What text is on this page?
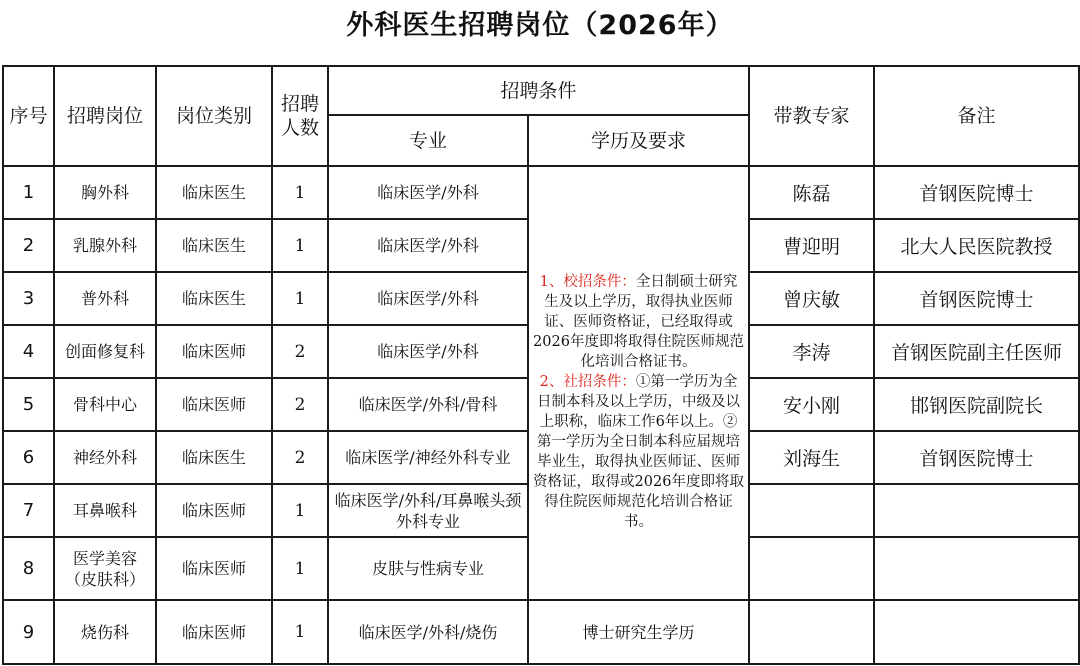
外科医生招聘岗位（2026年）
序号	招聘岗位	岗位类别	招聘人数	招聘条件		带教专家	备注
				专业	学历及要求		
1	胸外科	临床医生	1	临床医学/外科	1、校招条件：全日制硕士研究生及以上学历，取得执业医师证、医师资格证，已经取得或2026年度即将取得住院医师规范化培训合格证书。
2、社招条件：①第一学历为全日制本科及以上学历，中级及以上职称，临床工作6年以上。②第一学历为全日制本科应届规培毕业生，取得执业医师证、医师资格证，取得或2026年度即将取得住院医师规范化培训合格证书。	陈磊	首钢医院博士
2	乳腺外科	临床医生	1	临床医学/外科		曹迎明	北大人民医院教授
3	普外科	临床医生	1	临床医学/外科		曾庆敏	首钢医院博士
4	创面修复科	临床医师	2	临床医学/外科		李涛	首钢医院副主任医师
5	骨科中心	临床医师	2	临床医学/外科/骨科		安小刚	邯钢医院副院长
6	神经外科	临床医生	2	临床医学/神经外科专业		刘海生	首钢医院博士
7	耳鼻喉科	临床医师	1	临床医学/外科/耳鼻喉头颈外科专业			
8	医学美容（皮肤科）	临床医师	1	皮肤与性病专业			
9	烧伤科	临床医师	1	临床医学/外科/烧伤	博士研究生学历		
